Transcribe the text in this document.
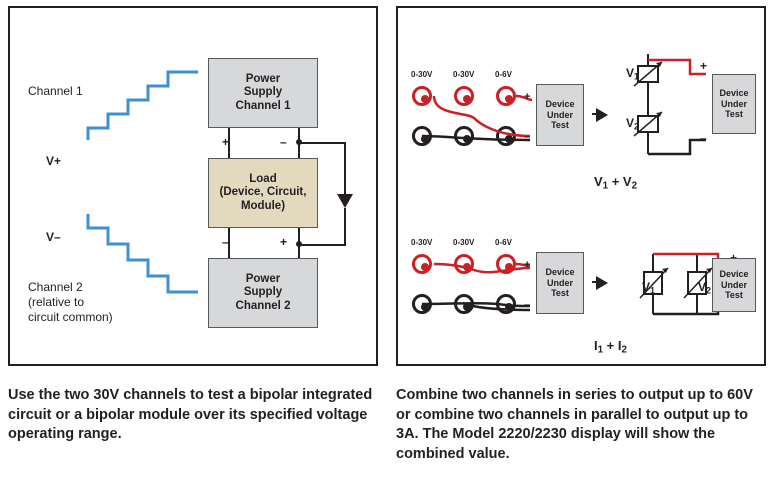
Channel 1
V+
V–
Channel 2
(relative to
circuit common)
Power
Supply
Channel 1
Load
(Device, Circuit,
Module)
Power
Supply
Channel 2
+	–
–	+
0-30V	0-30V	0-6V
+
–
Device
Under
Test
$V_1$
$V_2$
+
–
Device
Under
Test
$V_1 + V_2$
0-30V	0-30V	0-6V
+
–
Device
Under
Test	$V_1$	$V_2$
Device
Under
Test
$I_1 + I_2$
Use the two 30V channels to test a bipolar integrated circuit or a bipolar module over its specified voltage operating range.
Combine two channels in series to output up to 60V or combine two channels in parallel to output up to 3A. The Model 2220/2230 display will show the combined value.
